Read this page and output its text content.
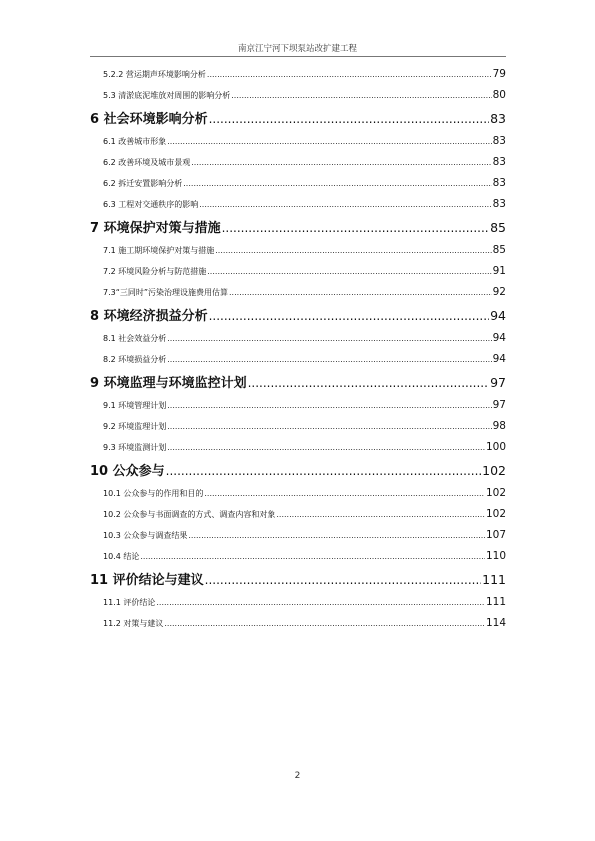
南京江宁河下坝泵站改扩建工程
5.2.2 营运期声环境影响分析 .....	79
5.3 清淤底泥堆放对周围的影响分析 .....	80
6 社会环境影响分析 .....	83
6.1 改善城市形象 .....	83
6.2 改善环境及城市景观 .....	83
6.2 拆迁安置影响分析 .....	83
6.3 工程对交通秩序的影响 .....	83
7 环境保护对策与措施 .....	85
7.1 施工期环境保护对策与措施 .....	85
7.2 环境风险分析与防范措施 .....	91
7.3“三同时”污染治理设施费用估算 .....	92
8 环境经济损益分析 .....	94
8.1 社会效益分析 .....	94
8.2 环境损益分析 .....	94
9 环境监理与环境监控计划 .....	97
9.1 环境管理计划 .....	97
9.2 环境监理计划 .....	98
9.3 环境监测计划 .....	100
10 公众参与 .....	102
10.1 公众参与的作用和目的 .....	102
10.2 公众参与书面调查的方式、调查内容和对象 .....	102
10.3 公众参与调查结果 .....	107
10.4 结论 .....	110
11 评价结论与建议 .....	111
11.1 评价结论 .....	111
11.2 对策与建议 .....	114
2
